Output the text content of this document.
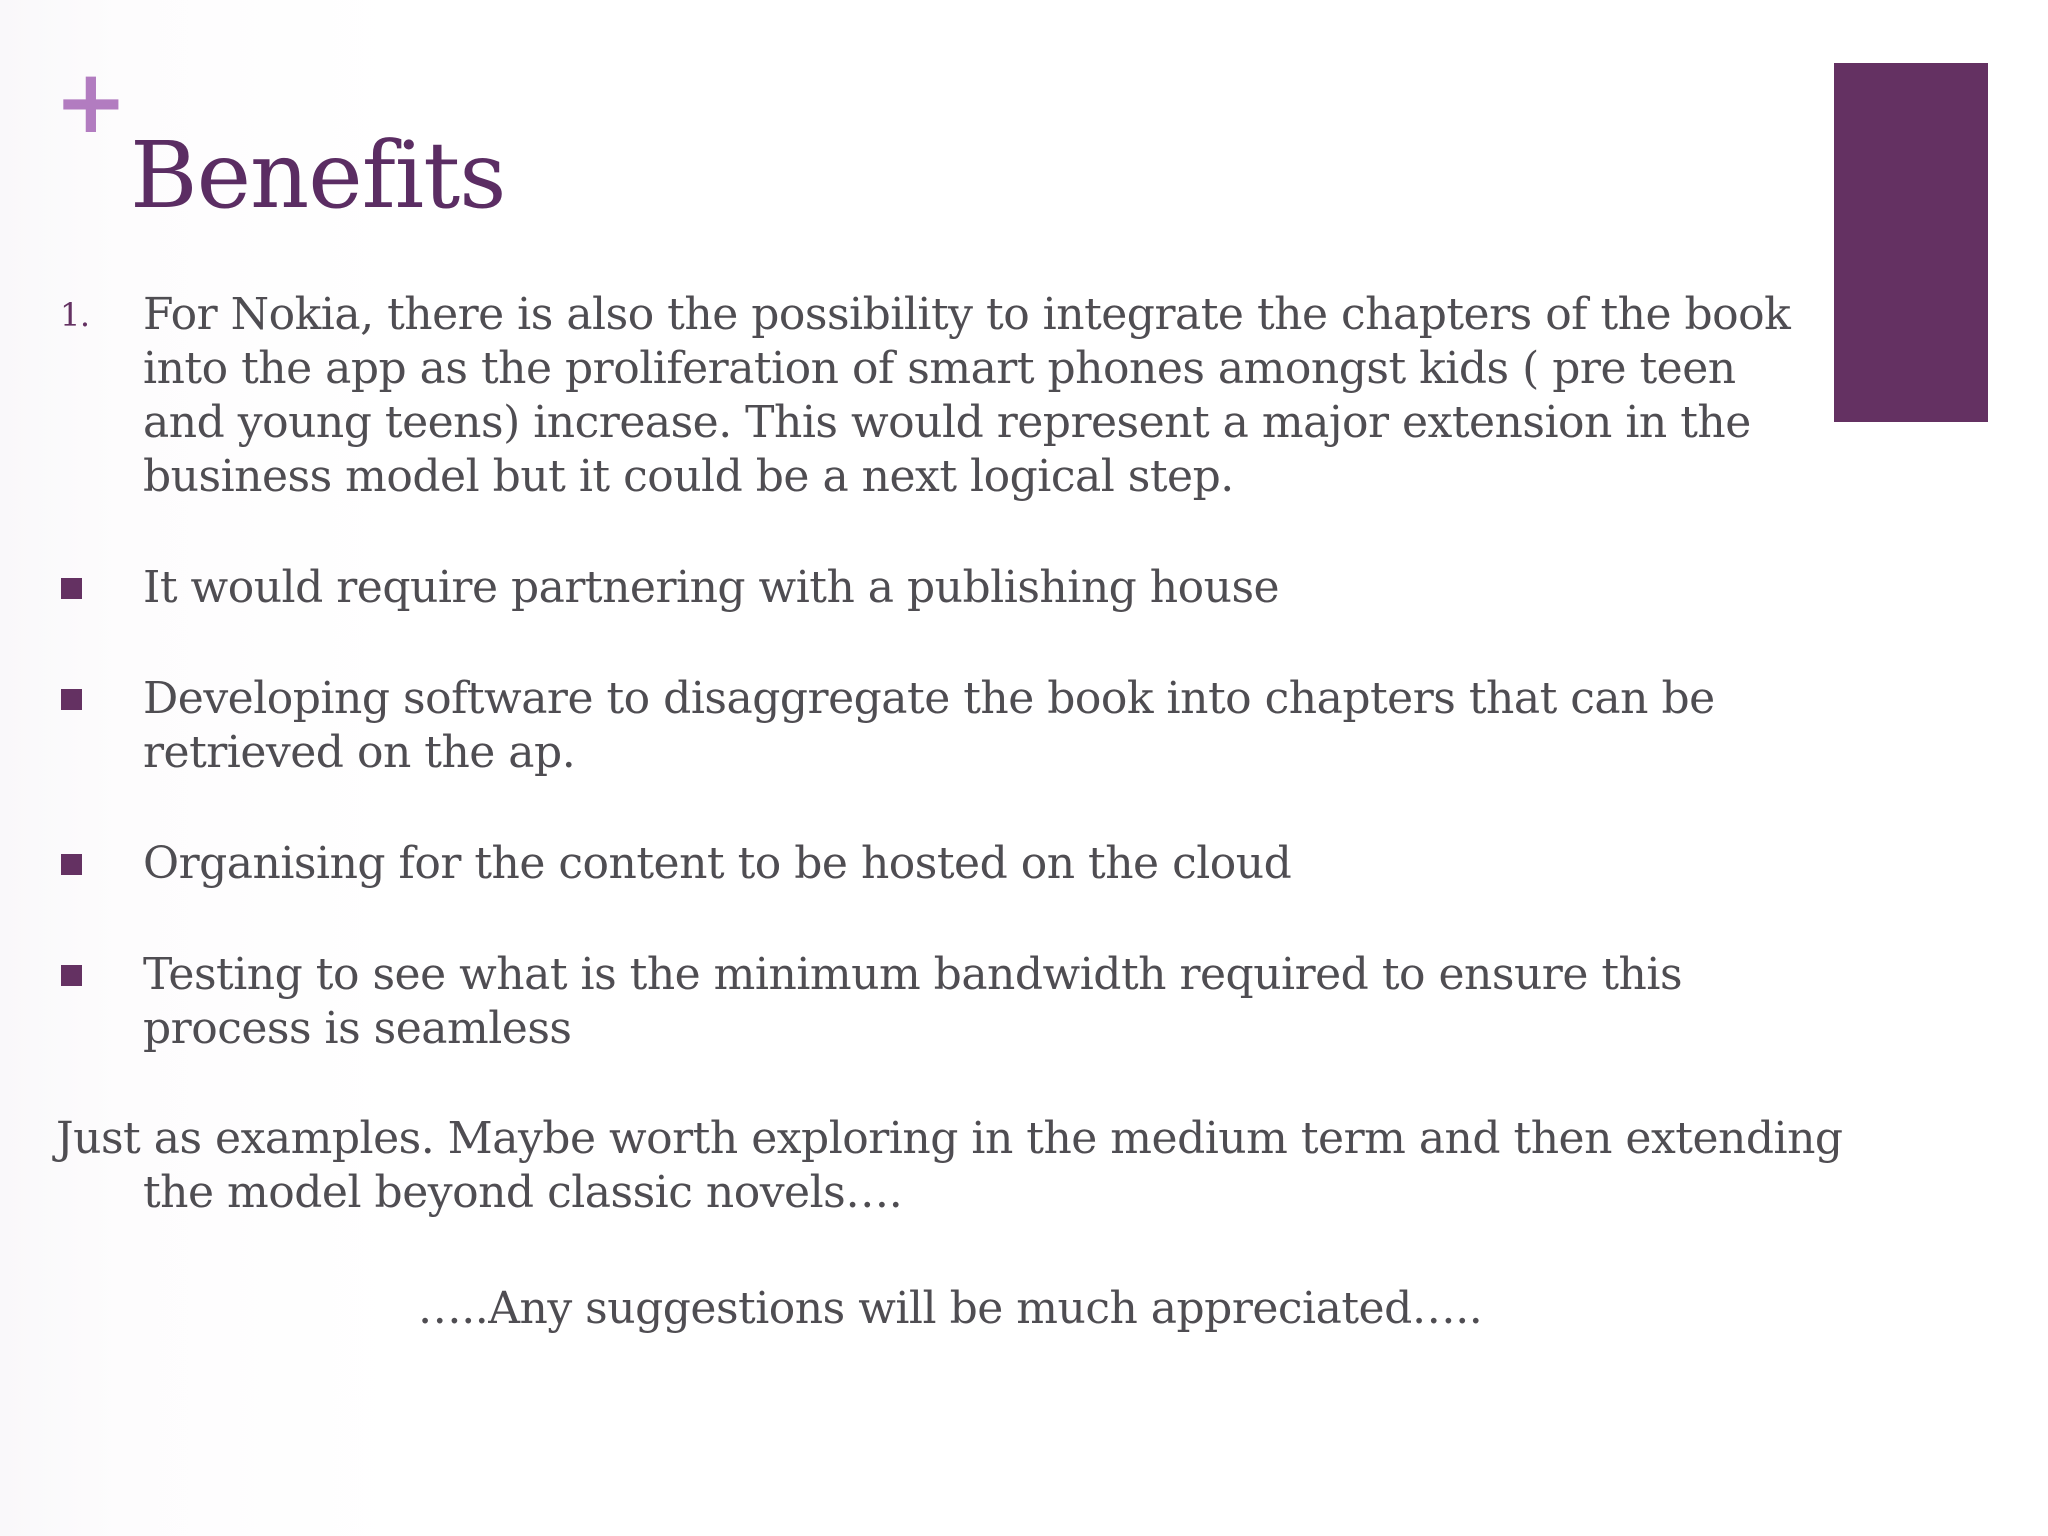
+
Benefits
1. For Nokia, there is also the possibility to integrate the chapters of the book into the app as the proliferation of smart phones amongst kids ( pre teen and young teens) increase. This would represent a major extension in the business model but it could be a next logical step.
It would require partnering with a publishing house
Developing software to disaggregate the book into chapters that can be retrieved on the ap.
Organising for the content to be hosted on the cloud
Testing to see what is the minimum bandwidth required to ensure this process is seamless
Just as examples. Maybe worth exploring in the medium term and then extending the model beyond classic novels….
…..Any suggestions will be much appreciated…..
